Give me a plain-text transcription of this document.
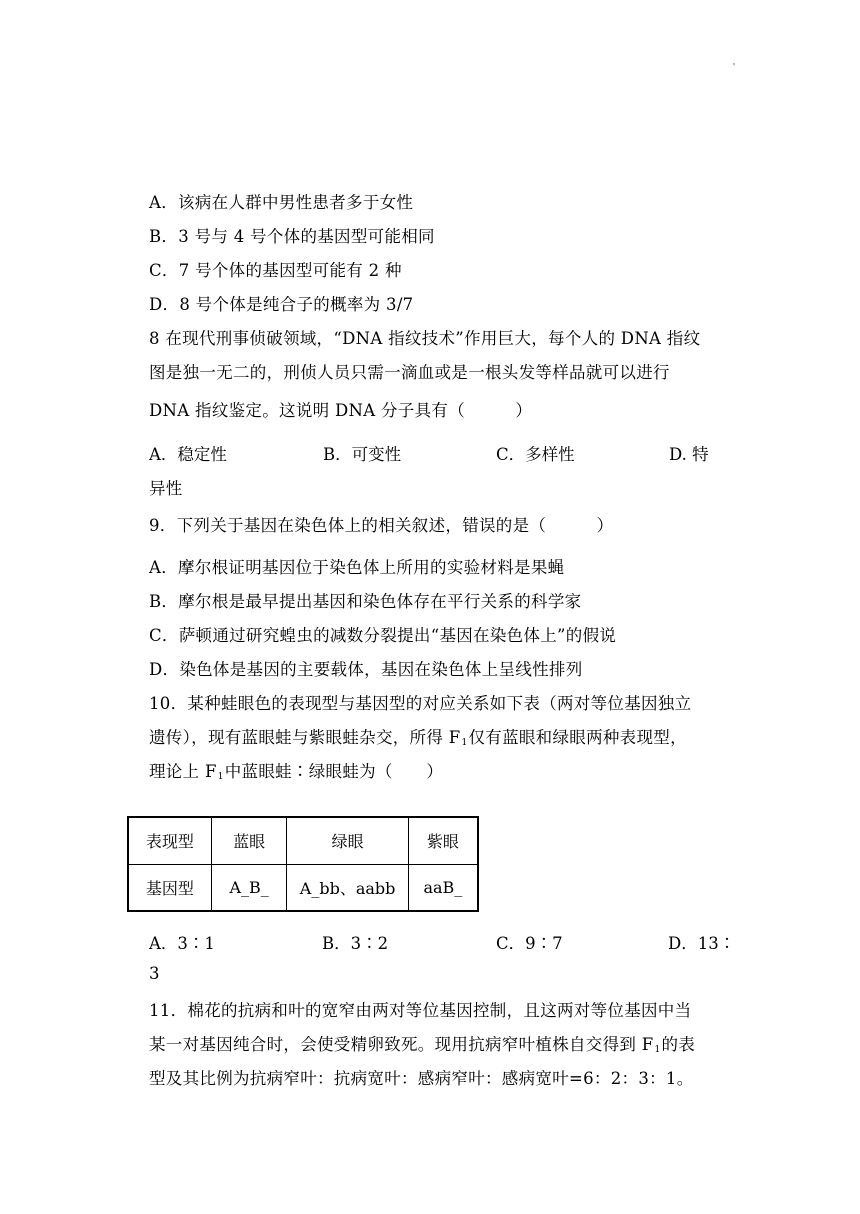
'
A．该病在人群中男性患者多于女性
B．3 号与 4 号个体的基因型可能相同
C．7 号个体的基因型可能有 2 种
D．8 号个体是纯合子的概率为 3/7
8 在现代刑事侦破领域，“DNA 指纹技术”作用巨大，每个人的 DNA 指纹
图是独一无二的，刑侦人员只需一滴血或是一根头发等样品就可以进行
DNA 指纹鉴定。这说明 DNA 分子具有（　　　）
A．稳定性	B．可变性	C．多样性	D. 特
异性
9．下列关于基因在染色体上的相关叙述，错误的是（　　　）
A．摩尔根证明基因位于染色体上所用的实验材料是果蝇
B．摩尔根是最早提出基因和染色体存在平行关系的科学家
C．萨顿通过研究蝗虫的减数分裂提出“基因在染色体上”的假说
D．染色体是基因的主要载体，基因在染色体上呈线性排列
10．某种蛙眼色的表现型与基因型的对应关系如下表（两对等位基因独立
遗传），现有蓝眼蛙与紫眼蛙杂交，所得 $F_1$仅有蓝眼和绿眼两种表现型，
理论上 $F_1$中蓝眼蛙∶绿眼蛙为（　　）
表现型	蓝眼	绿眼	紫眼
基因型	A_B_	A_bb、aabb	aaB_
A．3∶1	B．3∶2	C．9∶7	D．13∶
3
11．棉花的抗病和叶的宽窄由两对等位基因控制，且这两对等位基因中当
某一对基因纯合时，会使受精卵致死。现用抗病窄叶植株自交得到 $F_1$的表
型及其比例为抗病窄叶：抗病宽叶：感病窄叶：感病宽叶=6：2：3：1。
